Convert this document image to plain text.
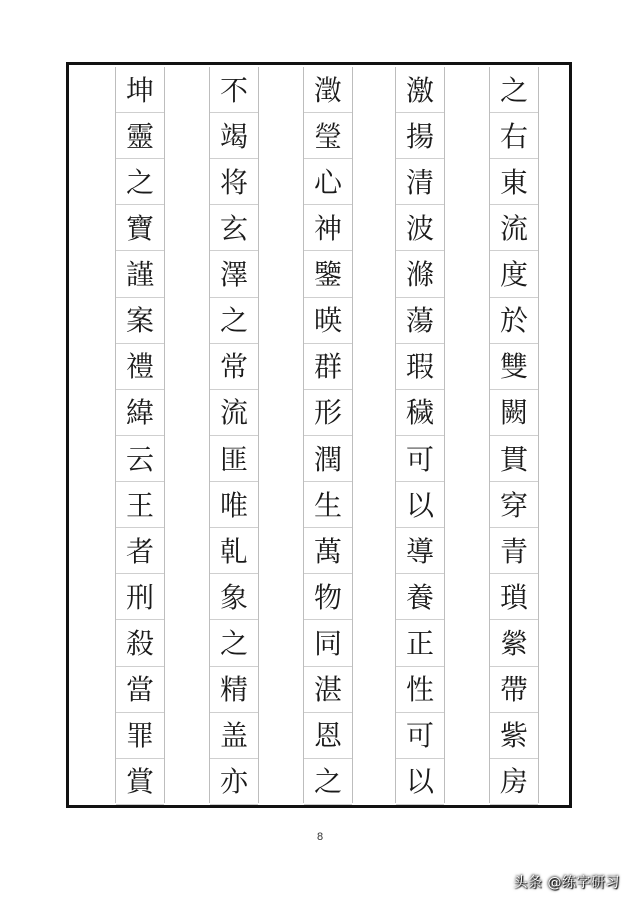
坤
靈
之
寶
謹
案
禮
緯
云
王
者
刑
殺
當
罪
賞
不
竭
将
玄
澤
之
常
流
匪
唯
乹
象
之
精
盖
亦
澂
瑩
心
神
鑒
暎
群
形
潤
生
萬
物
同
湛
恩
之
激
揚
清
波
滌
蕩
瑕
穢
可
以
導
養
正
性
可
以
之
右
東
流
度
於
雙
闕
貫
穿
青
瑣
縈
帶
紫
房
8
头条 @练字研习
